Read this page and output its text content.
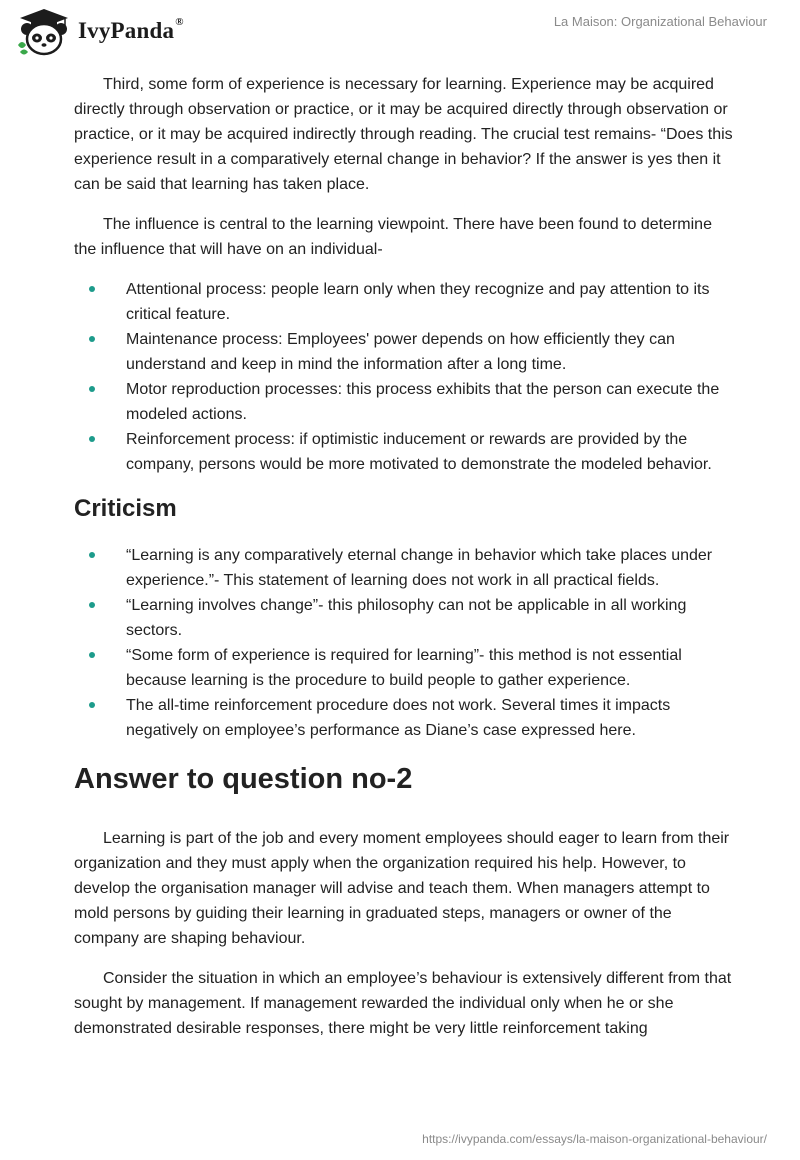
IvyPanda®	La Maison: Organizational Behaviour

Third, some form of experience is necessary for learning. Experience may be acquired directly through observation or practice, or it may be acquired directly through observation or practice, or it may be acquired indirectly through reading. The crucial test remains- “Does this experience result in a comparatively eternal change in behavior? If the answer is yes then it can be said that learning has taken place.

The influence is central to the learning viewpoint. There have been found to determine the influence that will have on an individual-

Attentional process: people learn only when they recognize and pay attention to its critical feature.
Maintenance process: Employees' power depends on how efficiently they can understand and keep in mind the information after a long time.
Motor reproduction processes: this process exhibits that the person can execute the modeled actions.
Reinforcement process: if optimistic inducement or rewards are provided by the company, persons would be more motivated to demonstrate the modeled behavior.
Criticism
“Learning is any comparatively eternal change in behavior which take places under experience.”- This statement of learning does not work in all practical fields.
“Learning involves change”- this philosophy can not be applicable in all working sectors.
“Some form of experience is required for learning”- this method is not essential because learning is the procedure to build people to gather experience.
The all-time reinforcement procedure does not work. Several times it impacts negatively on employee’s performance as Diane’s case expressed here.
Answer to question no-2

Learning is part of the job and every moment employees should eager to learn from their organization and they must apply when the organization required his help. However, to develop the organisation manager will advise and teach them. When managers attempt to mold persons by guiding their learning in graduated steps, managers or owner of the company are shaping behaviour.

Consider the situation in which an employee’s behaviour is extensively different from that sought by management. If management rewarded the individual only when he or she demonstrated desirable responses, there might be very little reinforcement taking

https://ivypanda.com/essays/la-maison-organizational-behaviour/
